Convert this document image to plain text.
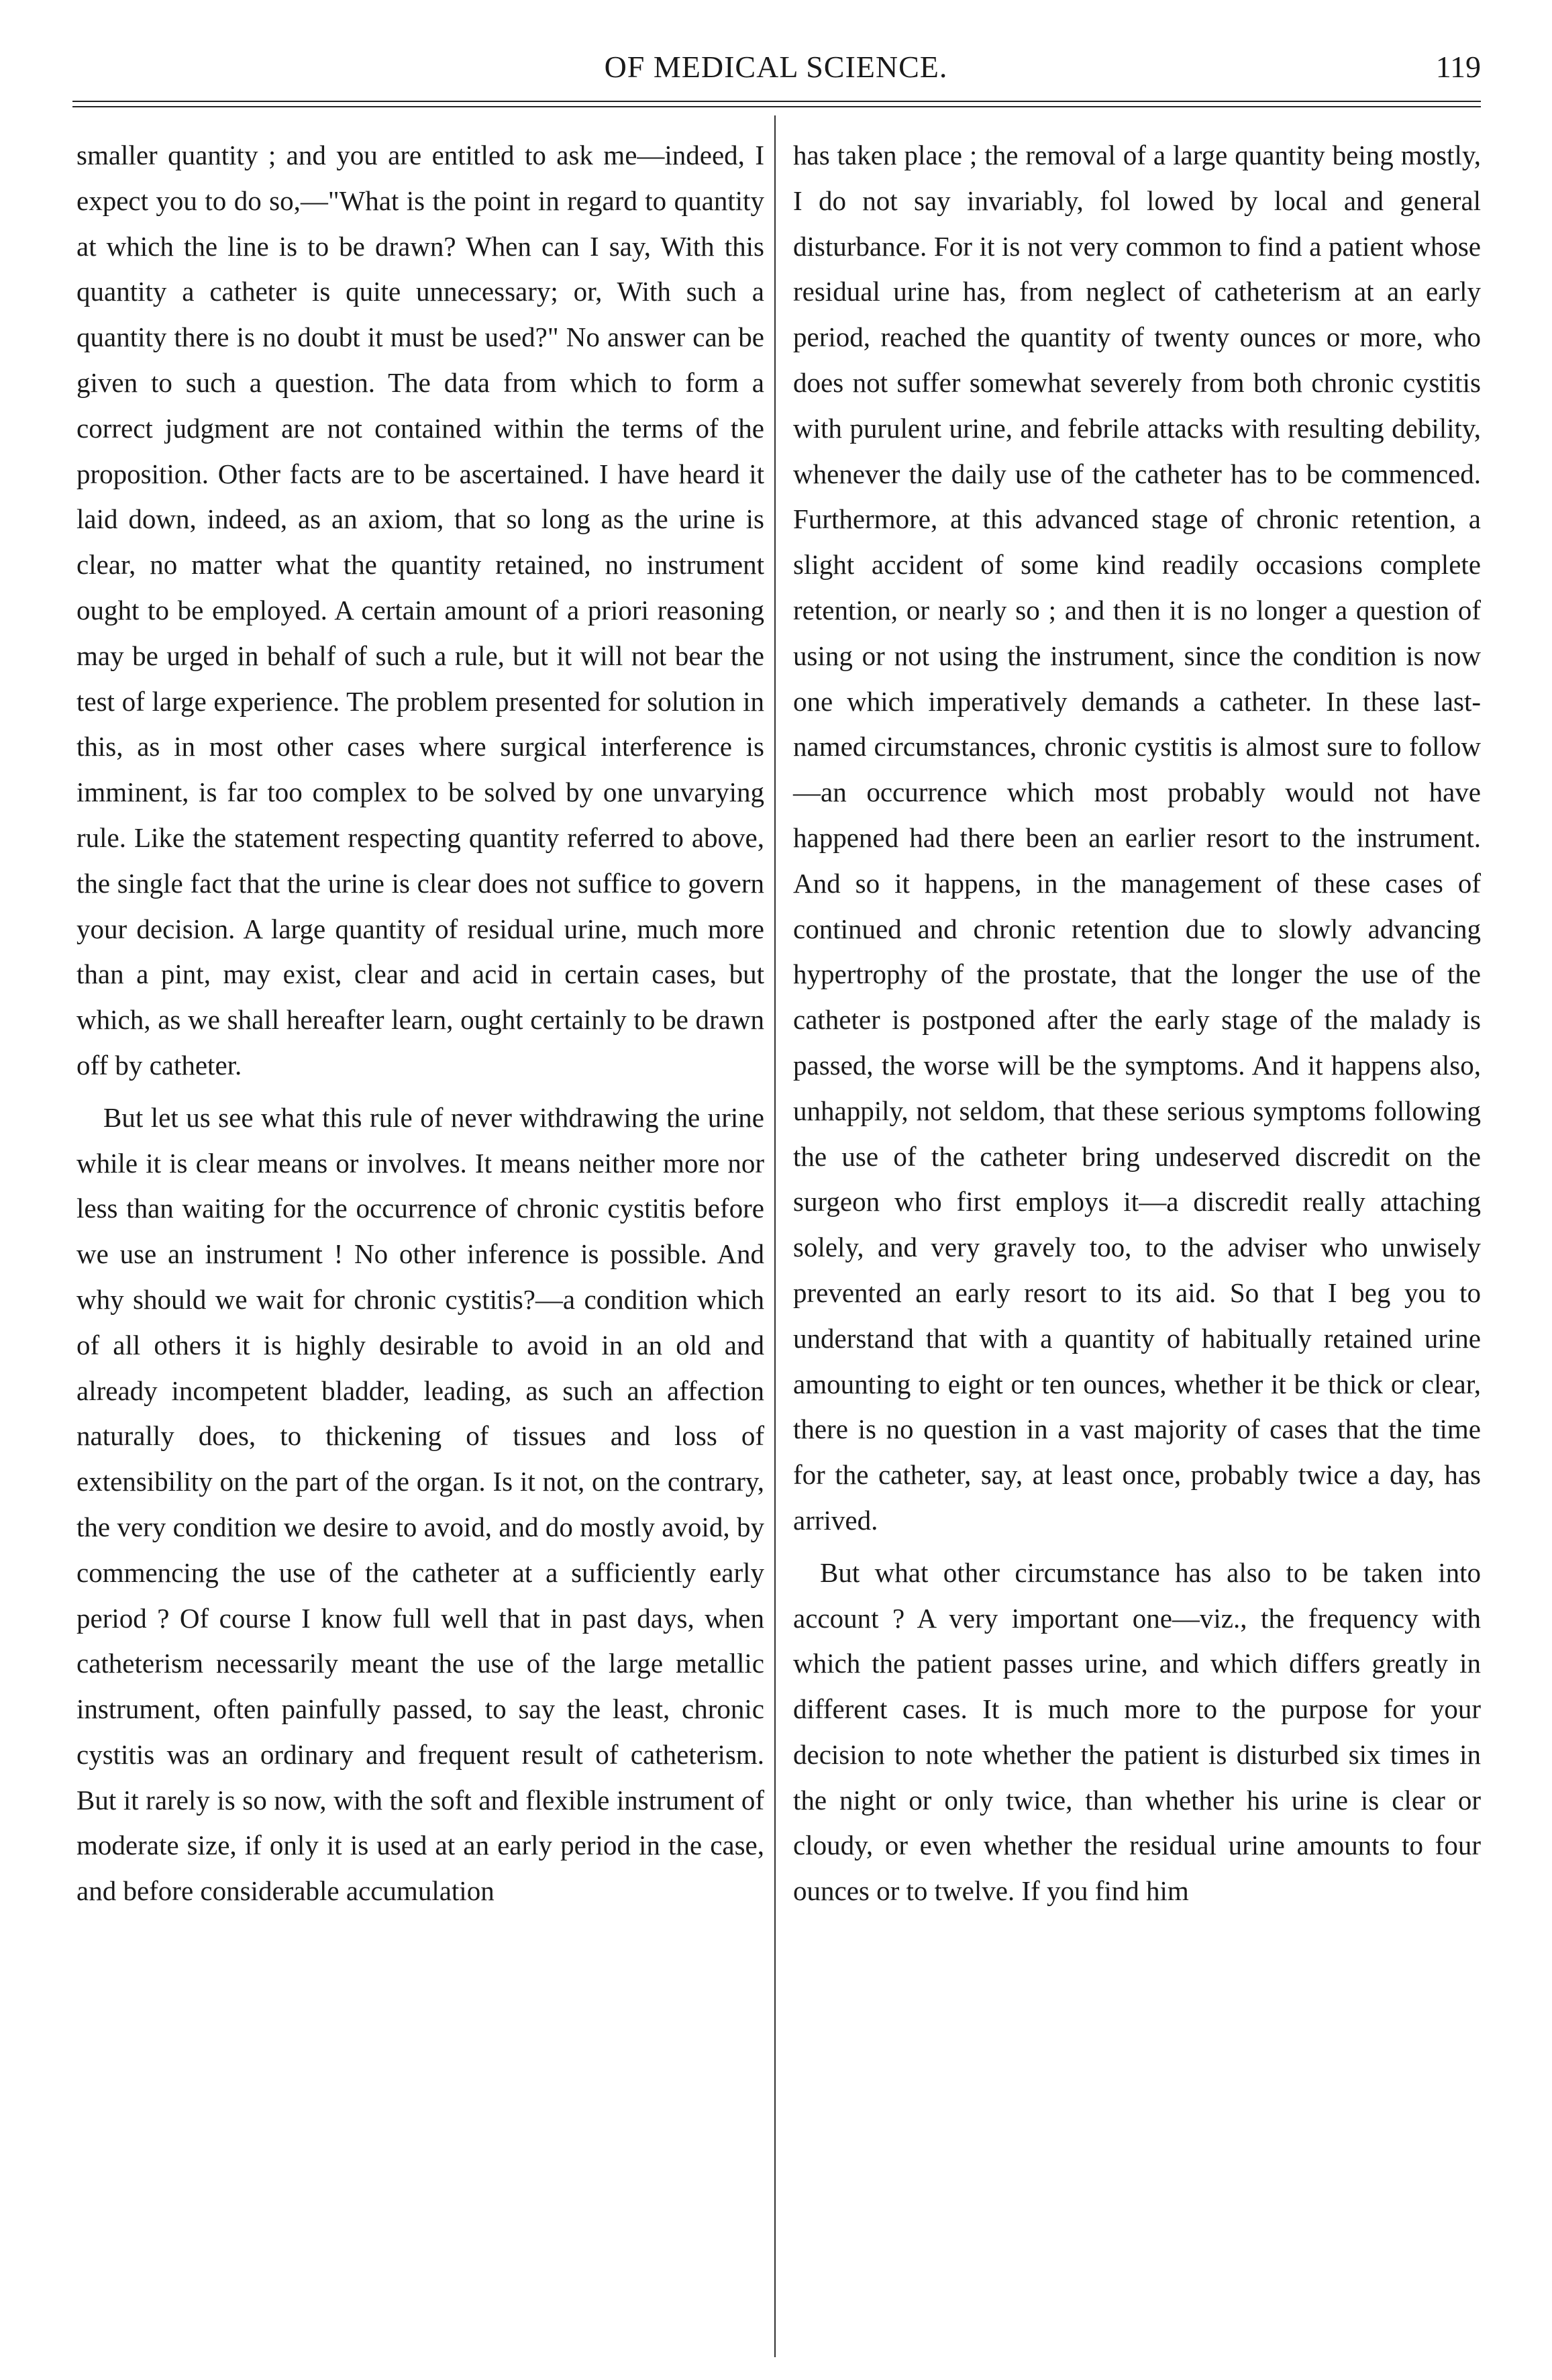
OF MEDICAL SCIENCE.	119

smaller quantity ; and you are entitled to ask me—indeed, I expect you to do so,—"What is the point in regard to quantity at which the line is to be drawn? When can I say, With this quantity a catheter is quite unnecessary; or, With such a quantity there is no doubt it must be used?" No answer can be given to such a question. The data from which to form a correct judgment are not contained within the terms of the proposition. Other facts are to be ascertained. I have heard it laid down, indeed, as an axiom, that so long as the urine is clear, no matter what the quantity retained, no instrument ought to be employed. A certain amount of a priori reasoning may be urged in behalf of such a rule, but it will not bear the test of large experience. The problem presented for solution in this, as in most other cases where surgical interference is imminent, is far too complex to be solved by one unvarying rule. Like the statement respecting quantity referred to above, the single fact that the urine is clear does not suffice to govern your decision. A large quantity of residual urine, much more than a pint, may exist, clear and acid in certain cases, but which, as we shall hereafter learn, ought certainly to be drawn off by catheter.

But let us see what this rule of never withdrawing the urine while it is clear means or involves. It means neither more nor less than waiting for the occurrence of chronic cystitis before we use an instrument ! No other inference is possible. And why should we wait for chronic cystitis?—a condition which of all others it is highly desirable to avoid in an old and already incompetent bladder, leading, as such an affection naturally does, to thickening of tissues and loss of extensibility on the part of the organ. Is it not, on the contrary, the very condition we desire to avoid, and do mostly avoid, by commencing the use of the catheter at a sufficiently early period ? Of course I know full well that in past days, when catheterism necessarily meant the use of the large metallic instrument, often painfully passed, to say the least, chronic cystitis was an ordinary and frequent result of catheterism. But it rarely is so now, with the soft and flexible instrument of moderate size, if only it is used at an early period in the case, and before considerable accumulation

has taken place ; the removal of a large quantity being mostly, I do not say invariably, fol lowed by local and general disturbance. For it is not very common to find a patient whose residual urine has, from neglect of catheterism at an early period, reached the quantity of twenty ounces or more, who does not suffer somewhat severely from both chronic cystitis with purulent urine, and febrile attacks with resulting debility, whenever the daily use of the catheter has to be commenced. Furthermore, at this advanced stage of chronic retention, a slight accident of some kind readily occasions complete retention, or nearly so ; and then it is no longer a question of using or not using the instrument, since the condition is now one which imperatively demands a catheter. In these last-named circumstances, chronic cystitis is almost sure to follow—an occurrence which most probably would not have happened had there been an earlier resort to the instrument. And so it happens, in the management of these cases of continued and chronic retention due to slowly advancing hypertrophy of the prostate, that the longer the use of the catheter is postponed after the early stage of the malady is passed, the worse will be the symptoms. And it happens also, unhappily, not seldom, that these serious symptoms following the use of the catheter bring undeserved discredit on the surgeon who first employs it—a discredit really attaching solely, and very gravely too, to the adviser who unwisely prevented an early resort to its aid. So that I beg you to understand that with a quantity of habitually retained urine amounting to eight or ten ounces, whether it be thick or clear, there is no question in a vast majority of cases that the time for the catheter, say, at least once, probably twice a day, has arrived.

But what other circumstance has also to be taken into account ? A very important one—viz., the frequency with which the patient passes urine, and which differs greatly in different cases. It is much more to the purpose for your decision to note whether the patient is disturbed six times in the night or only twice, than whether his urine is clear or cloudy, or even whether the residual urine amounts to four ounces or to twelve. If you find him
